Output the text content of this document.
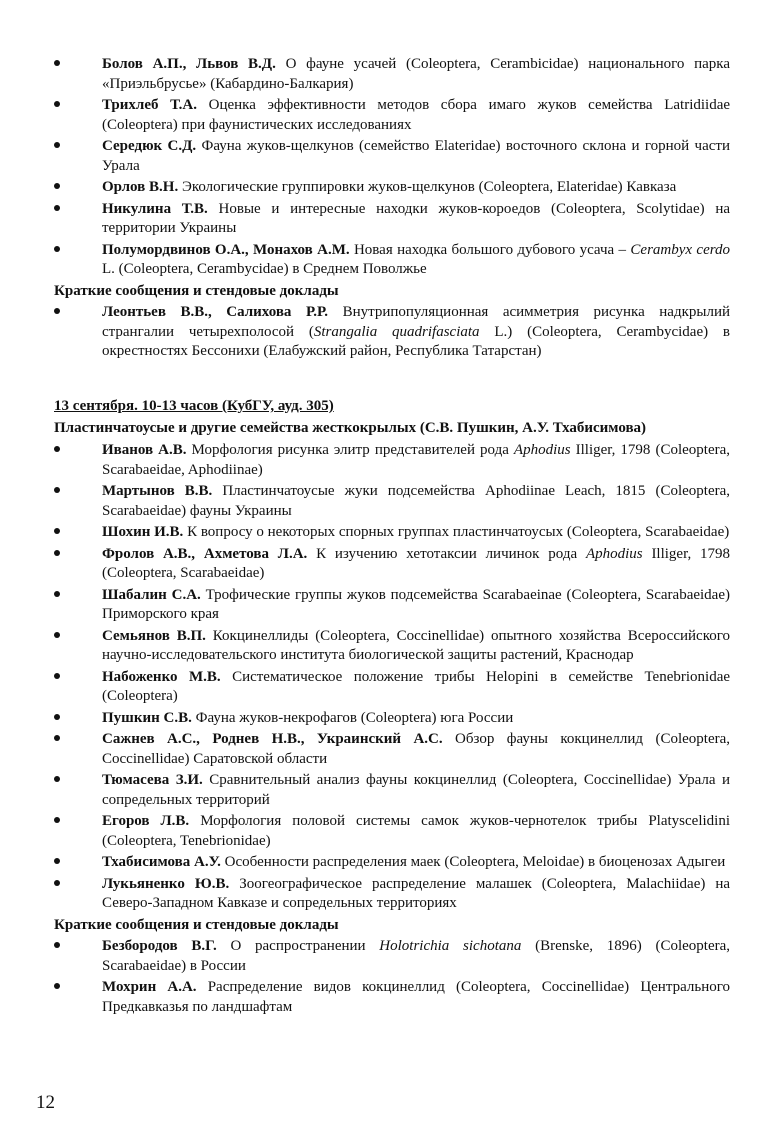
Болов А.П., Львов В.Д. О фауне усачей (Coleoptera, Cerambicidae) национального парка «Приэльбрусье» (Кабардино-Балкария)
Трихлеб Т.А. Оценка эффективности методов сбора имаго жуков семейства Latridiidae (Coleoptera) при фаунистических исследованиях
Середюк С.Д. Фауна жуков-щелкунов (семейство Elateridae) восточного склона и горной части Урала
Орлов В.Н. Экологические группировки жуков-щелкунов (Coleoptera, Elateridae) Кавказа
Никулина Т.В. Новые и интересные находки жуков-короедов (Coleoptera, Scolytidae) на территории Украины
Полумордвинов О.А., Монахов А.М. Новая находка большого дубового усача – Cerambyx cerdo L. (Coleoptera, Cerambycidae) в Среднем Поволжье
Краткие сообщения и стендовые доклады
Леонтьев В.В., Салихова Р.Р. Внутрипопуляционная асимметрия рисунка надкрылий странгалии четырехполосой (Strangalia quadrifasciata L.) (Coleoptera, Cerambycidae) в окрестностях Бессонихи (Елабужский район, Республика Татарстан)
13 сентября. 10-13 часов (КубГУ, ауд. 305)
Пластинчатоусые и другие семейства жесткокрылых (С.В. Пушкин, А.У. Тхабисимова)
Иванов А.В. Морфология рисунка элитр представителей рода Aphodius Illiger, 1798 (Coleoptera, Scarabaeidae, Aphodiinae)
Мартынов В.В. Пластинчатоусые жуки подсемейства Aphodiinae Leach, 1815 (Coleoptera, Scarabaeidae) фауны Украины
Шохин И.В. К вопросу о некоторых спорных группах пластинчатоусых (Coleoptera, Scarabaeidae)
Фролов А.В., Ахметова Л.А. К изучению хетотаксии личинок рода Aphodius Illiger, 1798 (Coleoptera, Scarabaeidae)
Шабалин С.А. Трофические группы жуков подсемейства Scarabaeinae (Coleoptera, Scarabaeidae) Приморского края
Семьянов В.П. Кокцинеллиды (Coleoptera, Coccinellidae) опытного хозяйства Всероссийского научно-исследовательского института биологической защиты растений, Краснодар
Набоженко М.В. Систематическое положение трибы Helopini в семействе Tenebrionidae (Coleoptera)
Пушкин С.В. Фауна жуков-некрофагов (Coleoptera) юга России
Сажнев А.С., Роднев Н.В., Украинский А.С. Обзор фауны кокцинеллид (Coleoptera, Coccinellidae) Саратовской области
Тюмасева З.И. Сравнительный анализ фауны кокцинеллид (Coleoptera, Coccinellidae) Урала и сопредельных территорий
Егоров Л.В. Морфология половой системы самок жуков-чернотелок трибы Platyscelidini (Coleoptera, Tenebrionidae)
Тхабисимова А.У. Особенности распределения маек (Coleoptera, Meloidae) в биоценозах Адыгеи
Лукьяненко Ю.В. Зоогеографическое распределение малашек (Coleoptera, Malachiidae) на Северо-Западном Кавказе и сопредельных территориях
Краткие сообщения и стендовые доклады
Безбородов В.Г. О распространении Holotrichia sichotana (Brenske, 1896) (Coleoptera, Scarabaeidae) в России
Мохрин А.А. Распределение видов кокцинеллид (Coleoptera, Coccinellidae) Центрального Предкавказья по ландшафтам
12
